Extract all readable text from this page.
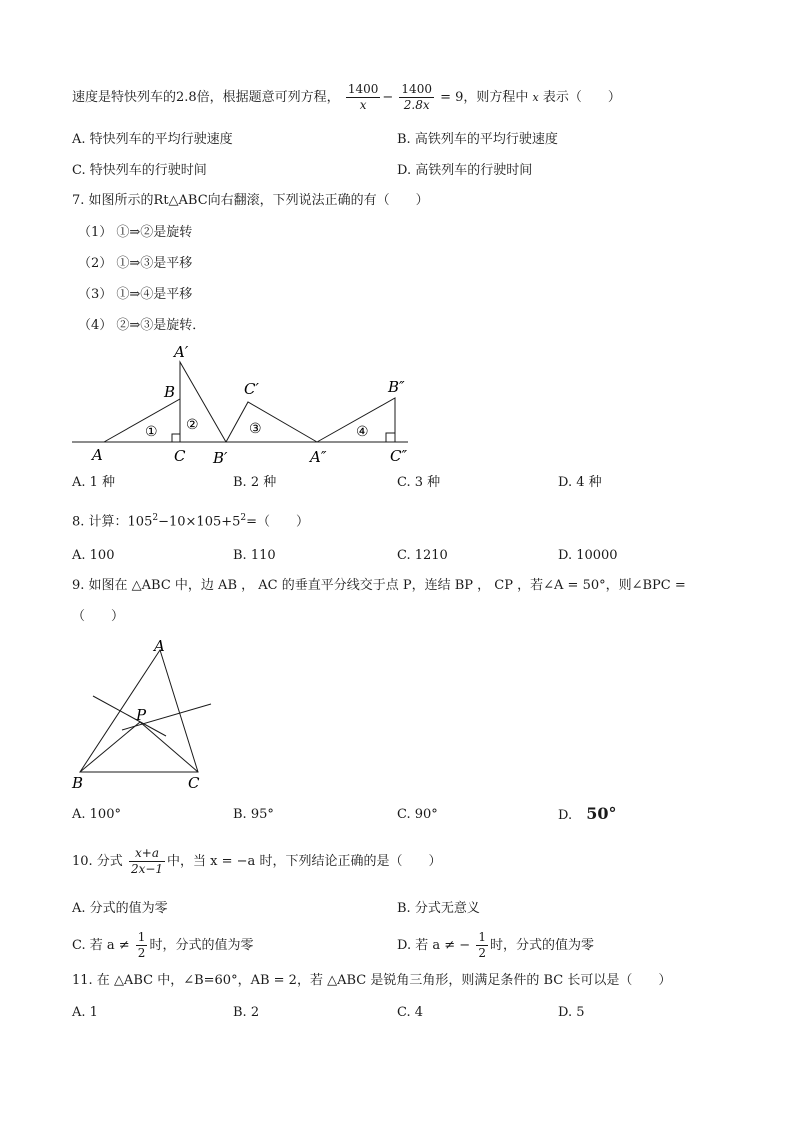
速度是特快列车的2.8倍，根据题意可列方程， $\frac{1400}{x} - \frac{1400}{2.8x} = 9$，则方程中 x 表示（　　）
A. 特快列车的平均行驶速度	B. 高铁列车的平均行驶速度
C. 特快列车的行驶时间	D. 高铁列车的行驶时间
7. 如图所示的Rt△ABC向右翻滚，下列说法正确的有（　　）
（1） ①⇒②是旋转
（2） ①⇒③是平移
（3） ①⇒④是平移
（4） ②⇒③是旋转．
A
B
C
A′
B′
C′
A″
B″
C″
① ②	③	④
A. 1 种	B. 2 种	C. 3 种	D. 4 种
8. 计算：$105^2-10\times 105+5^2=$（　　）
A. 100	B. 110	C. 1210	D. 10000
9. 如图在 △ABC 中，边 AB ， AC 的垂直平分线交于点 P，连结 BP ， CP ，若∠A = 50°，则∠BPC =
（　　）
A
B	C
P
A. 100°	B. 95°	C. 90°	D. 50°
10. 分式 $\frac{x+a}{2x-1}$ 中，当 x = −a 时，下列结论正确的是（　　）
A. 分式的值为零	B. 分式无意义
C. 若 $a \ne \frac{1}{2}$ 时，分式的值为零	D. 若 a ≠ − $\frac{1}{2}$ 时，分式的值为零
11. 在 △ABC 中，∠B=60°，AB = 2，若 △ABC 是锐角三角形，则满足条件的 BC 长可以是（　　）
A. 1	B. 2	C. 4	D. 5
